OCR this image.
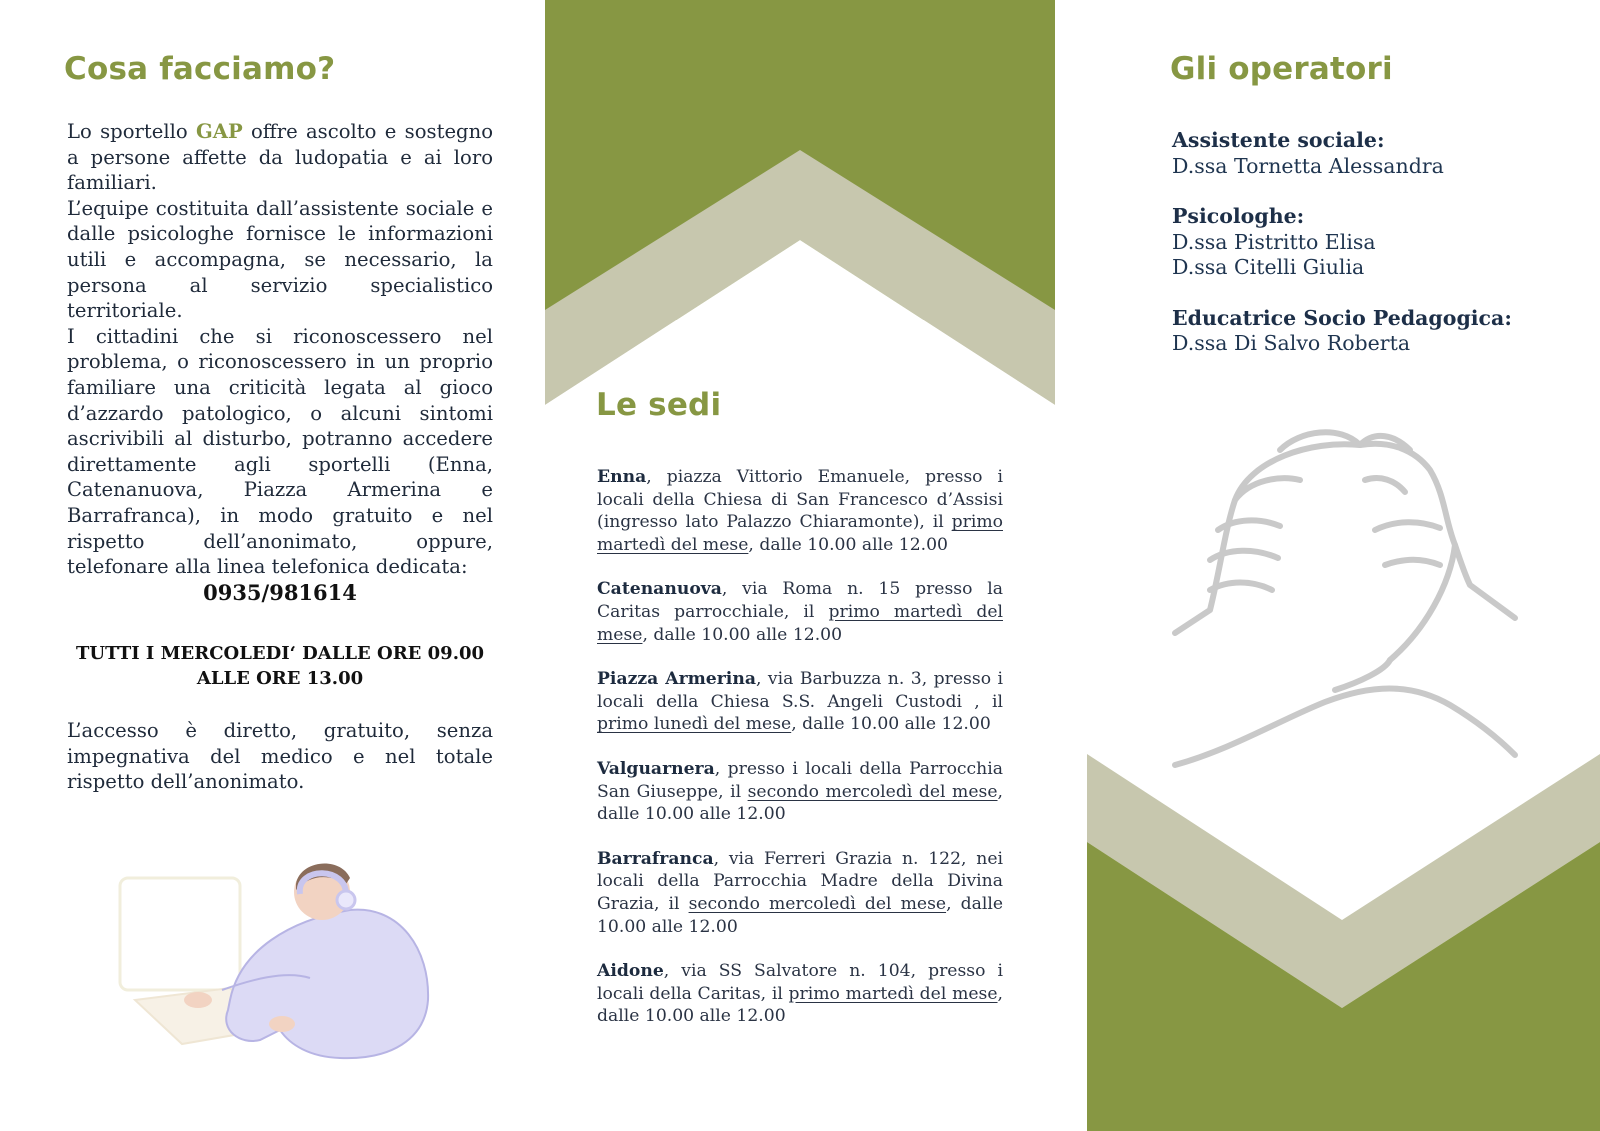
Cosa facciamo?

Lo sportello GAP offre ascolto e sostegno a persone affette da ludopatia e ai loro familiari.

L’equipe costituita dall’assistente sociale e dalle psicologhe fornisce le informazioni utili e accompagna, se necessario, la persona al servizio specialistico territoriale.

I cittadini che si riconoscessero nel problema, o riconoscessero in un proprio familiare una criticità legata al gioco d’azzardo patologico, o alcuni sintomi ascrivibili al disturbo, potranno accedere direttamente agli sportelli (Enna, Catenanuova, Piazza Armerina e Barrafranca), in modo gratuito e nel rispetto dell’anonimato, oppure, telefonare alla linea telefonica dedicata:

0935/981614
TUTTI I MERCOLEDI‘ DALLE ORE 09.00
ALLE ORE 13.00
L’accesso è diretto, gratuito, senza impegnativa del medico e nel totale rispetto dell’anonimato.
Le sedi

Enna, piazza Vittorio Emanuele, presso i locali della Chiesa di San Francesco d’Assisi (ingresso lato Palazzo Chiaramonte), il primo martedì del mese, dalle 10.00 alle 12.00

Catenanuova, via Roma n. 15 presso la Caritas parrocchiale, il primo martedì del mese, dalle 10.00 alle 12.00

Piazza Armerina, via Barbuzza n. 3, presso i locali della Chiesa S.S. Angeli Custodi , il primo lunedì del mese, dalle 10.00 alle 12.00

Valguarnera, presso i locali della Parrocchia San Giuseppe, il secondo mercoledì del mese, dalle 10.00 alle 12.00

Barrafranca, via Ferreri Grazia n. 122, nei locali della Parrocchia Madre della Divina Grazia, il secondo mercoledì del mese, dalle 10.00 alle 12.00

Aidone, via SS Salvatore n. 104, presso i locali della Caritas, il primo martedì del mese, dalle 10.00 alle 12.00

Gli operatori
Assistente sociale:
D.ssa Tornetta Alessandra
Psicologhe:
D.ssa Pistritto Elisa
D.ssa Citelli Giulia
Educatrice Socio Pedagogica:
D.ssa Di Salvo Roberta
